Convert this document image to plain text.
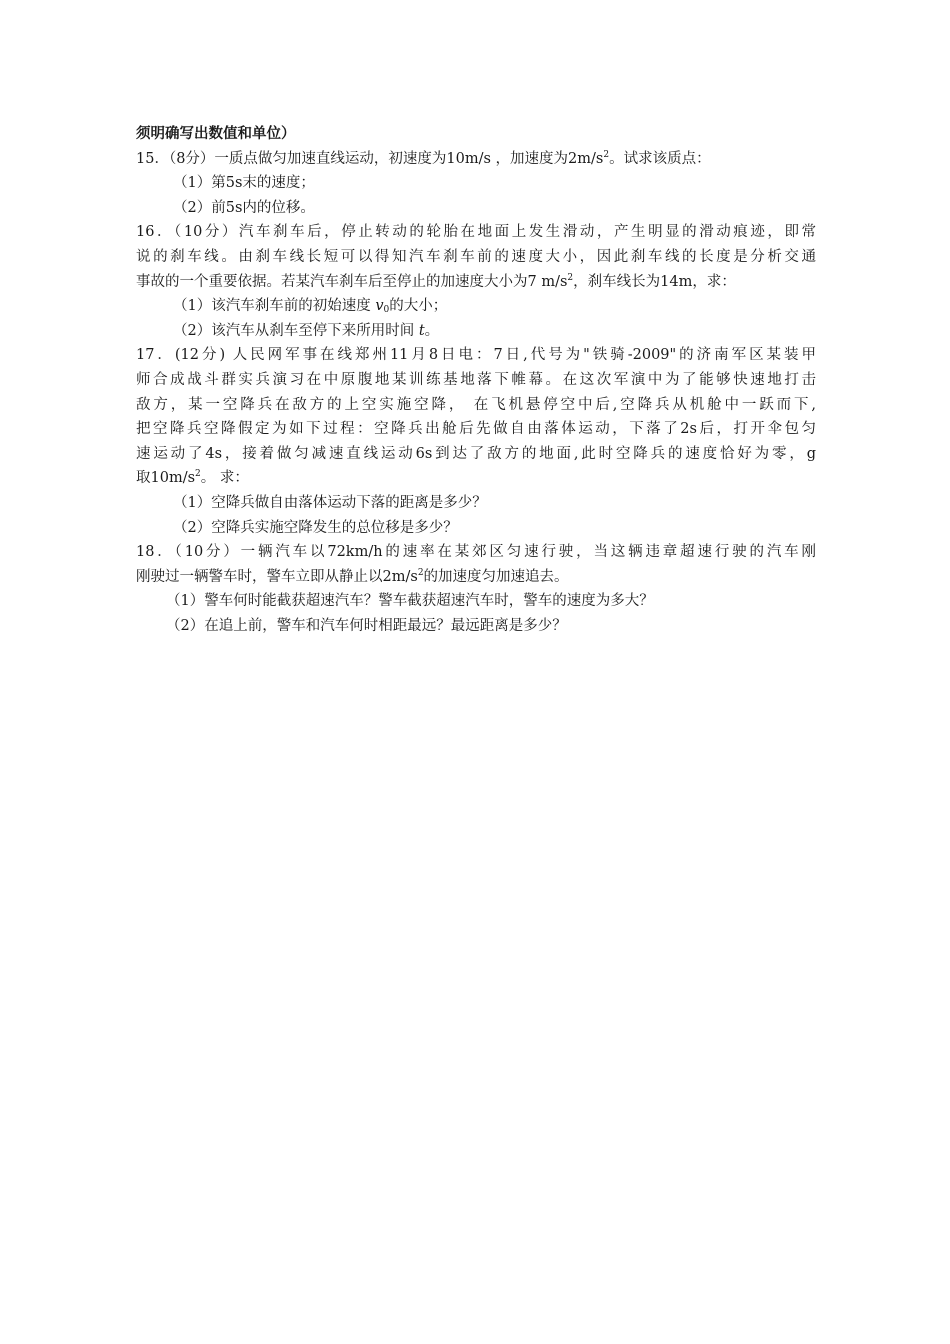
须明确写出数值和单位）
15．（8分）一质点做匀加速直线运动，初速度为10m/s ，加速度为$2m/s^2$。试求该质点：
（1）第5s末的速度；
（2）前5s内的位移。
16．（10分）汽车刹车后，停止转动的轮胎在地面上发生滑动，产生明显的滑动痕迹，即常
说的刹车线。由刹车线长短可以得知汽车刹车前的速度大小，因此刹车线的长度是分析交通
事故的一个重要依据。若某汽车刹车后至停止的加速度大小为7 $m/s^2$，刹车线长为14m，求：
（1）该汽车刹车前的初始速度 $v_0$的大小；
（2）该汽车从刹车至停下来所用时间 t。
17．(12分) 人民网军事在线郑州11月8日电：7日,代号为"铁骑-2009"的济南军区某装甲
师合成战斗群实兵演习在中原腹地某训练基地落下帷幕。在这次军演中为了能够快速地打击
敌方，某一空降兵在敌方的上空实施空降， 在飞机悬停空中后,空降兵从机舱中一跃而下,
把空降兵空降假定为如下过程：空降兵出舱后先做自由落体运动，下落了2s后，打开伞包匀
速运动了4s，接着做匀减速直线运动6s到达了敌方的地面,此时空降兵的速度恰好为零，g
取$10m/s^2$。 求：
（1）空降兵做自由落体运动下落的距离是多少？
（2）空降兵实施空降发生的总位移是多少？
18．（10分）一辆汽车以72km/h的速率在某郊区匀速行驶，当这辆违章超速行驶的汽车刚
刚驶过一辆警车时，警车立即从静止以$2m/s^2$的加速度匀加速追去。
（1）警车何时能截获超速汽车？警车截获超速汽车时，警车的速度为多大？
（2）在追上前，警车和汽车何时相距最远？最远距离是多少？
